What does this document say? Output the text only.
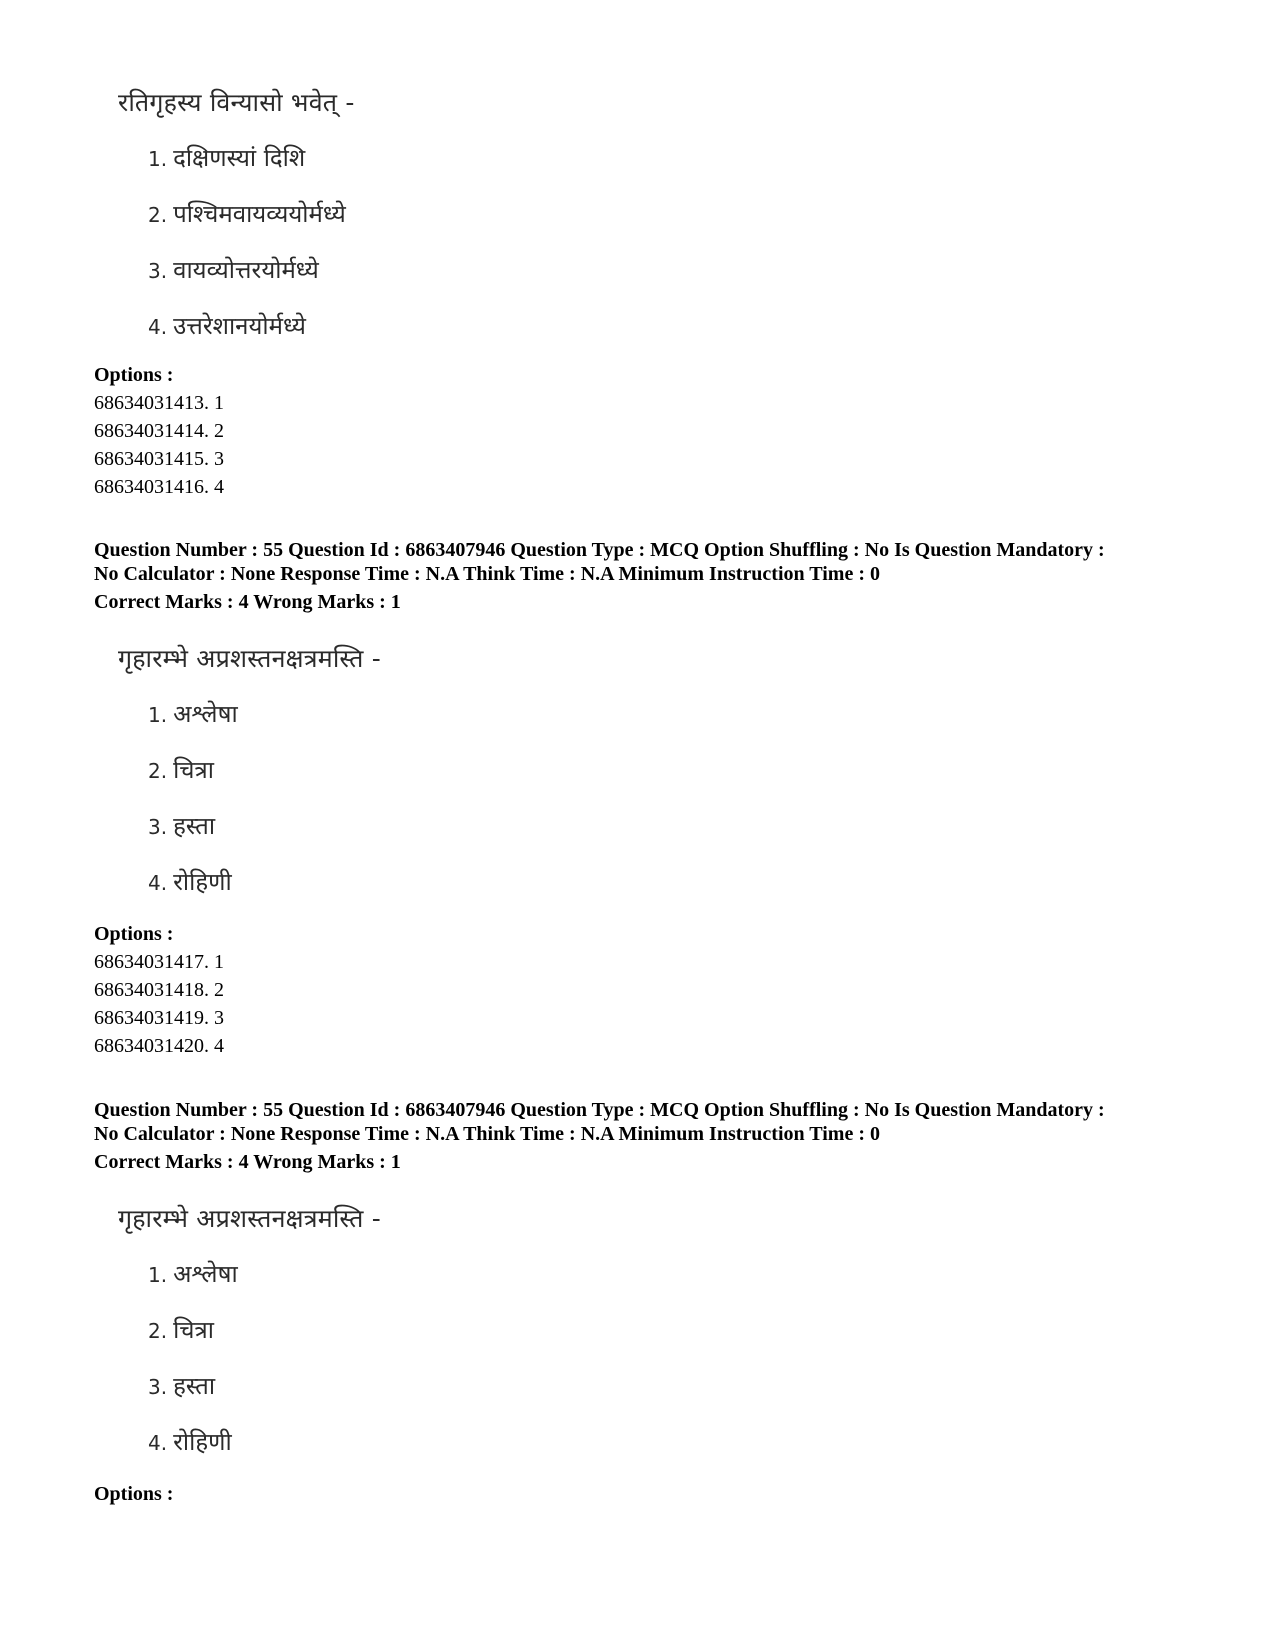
रतिगृहस्य विन्यासो भवेत् -

1. दक्षिणस्यां दिशि

2. पश्चिमवायव्ययोर्मध्ये

3. वायव्योत्तरयोर्मध्ये

4. उत्तरेशानयोर्मध्ये

Options :
68634031413. 1
68634031414. 2
68634031415. 3
68634031416. 4
Question Number : 55 Question Id : 6863407946 Question Type : MCQ Option Shuffling : No Is Question Mandatory :
No Calculator : None Response Time : N.A Think Time : N.A Minimum Instruction Time : 0
Correct Marks : 4 Wrong Marks : 1

गृहारम्भे अप्रशस्तनक्षत्रमस्ति -

1. अश्लेषा

2. चित्रा

3. हस्ता

4. रोहिणी

Options :
68634031417. 1
68634031418. 2
68634031419. 3
68634031420. 4
Question Number : 55 Question Id : 6863407946 Question Type : MCQ Option Shuffling : No Is Question Mandatory :
No Calculator : None Response Time : N.A Think Time : N.A Minimum Instruction Time : 0
Correct Marks : 4 Wrong Marks : 1

गृहारम्भे अप्रशस्तनक्षत्रमस्ति -

1. अश्लेषा

2. चित्रा

3. हस्ता

4. रोहिणी

Options :
